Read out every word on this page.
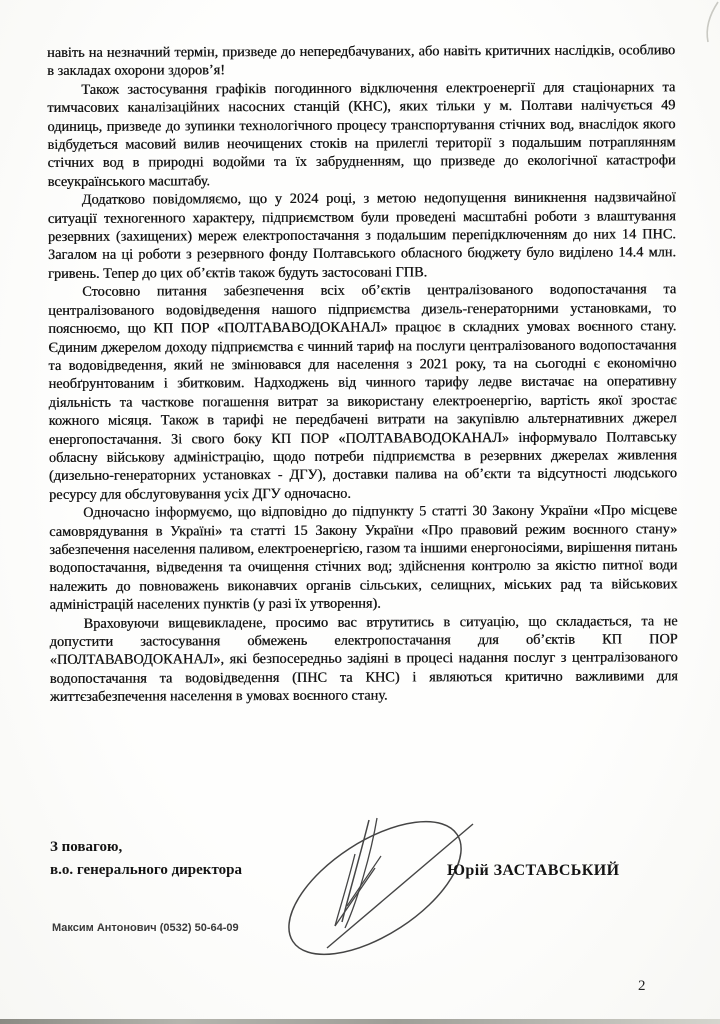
навіть на незначний термін, призведе до непередбачуваних, або навіть критичних наслідків, особливо в закладах охорони здоров’я!

Також застосування графіків погодинного відключення електроенергії для стаціонарних та тимчасових каналізаційних насосних станцій (КНС), яких тільки у м. Полтави налічується 49 одиниць, призведе до зупинки технологічного процесу транспортування стічних вод, внаслідок якого відбудеться масовий вилив неочищених стоків на прилеглі території з подальшим потраплянням стічних вод в природні водойми та їх забрудненням, що призведе до екологічної катастрофи всеукраїнського масштабу.

Додатково повідомляємо, що у 2024 році, з метою недопущення виникнення надзвичайної ситуації техногенного характеру, підприємством були проведені масштабні роботи з влаштування резервних (захищених) мереж електропостачання з подальшим перепідключенням до них 14 ПНС. Загалом на ці роботи з резервного фонду Полтавського обласного бюджету було виділено 14.4 млн. гривень. Тепер до цих об’єктів також будуть застосовані ГПВ.

Стосовно питання забезпечення всіх об’єктів централізованого водопостачання та централізованого водовідведення нашого підприємства дизель-генераторними установками, то пояснюємо, що КП ПОР «ПОЛТАВАВОДОКАНАЛ» працює в складних умовах воєнного стану. Єдиним джерелом доходу підприємства є чинний тариф на послуги централізованого водопостачання та водовідведення, який не змінювався для населення з 2021 року, та на сьогодні є економічно необґрунтованим і збитковим. Надходжень від чинного тарифу ледве вистачає на оперативну діяльність та часткове погашення витрат за використану електроенергію, вартість якої зростає кожного місяця. Також в тарифі не передбачені витрати на закупівлю альтернативних джерел енергопостачання. Зі свого боку КП ПОР «ПОЛТАВАВОДОКАНАЛ» інформувало Полтавську обласну військову адміністрацію, щодо потреби підприємства в резервних джерелах живлення (дизельно-генераторних установках - ДГУ), доставки палива на об’єкти та відсутності людського ресурсу для обслуговування усіх ДГУ одночасно.

Одночасно інформуємо, що відповідно до підпункту 5 статті 30 Закону України «Про місцеве самоврядування в Україні» та статті 15 Закону України «Про правовий режим воєнного стану» забезпечення населення паливом, електроенергією, газом та іншими енергоносіями, вирішення питань водопостачання, відведення та очищення стічних вод; здійснення контролю за якістю питної води належить до повноважень виконавчих органів сільських, селищних, міських рад та військових адміністрацій населених пунктів (у разі їх утворення).

Враховуючи вищевикладене, просимо вас втрутитись в ситуацію, що складається, та не допустити застосування обмежень електропостачання для об’єктів КП ПОР «ПОЛТАВАВОДОКАНАЛ», які безпосередньо задіяні в процесі надання послуг з централізованого водопостачання та водовідведення (ПНС та КНС) і являються критично важливими для життєзабезпечення населення в умовах воєнного стану.

З повагою,
в.о. генерального директора	Юрій ЗАСТАВСЬКИЙ
Максим Антонович (0532) 50-64-09
2
